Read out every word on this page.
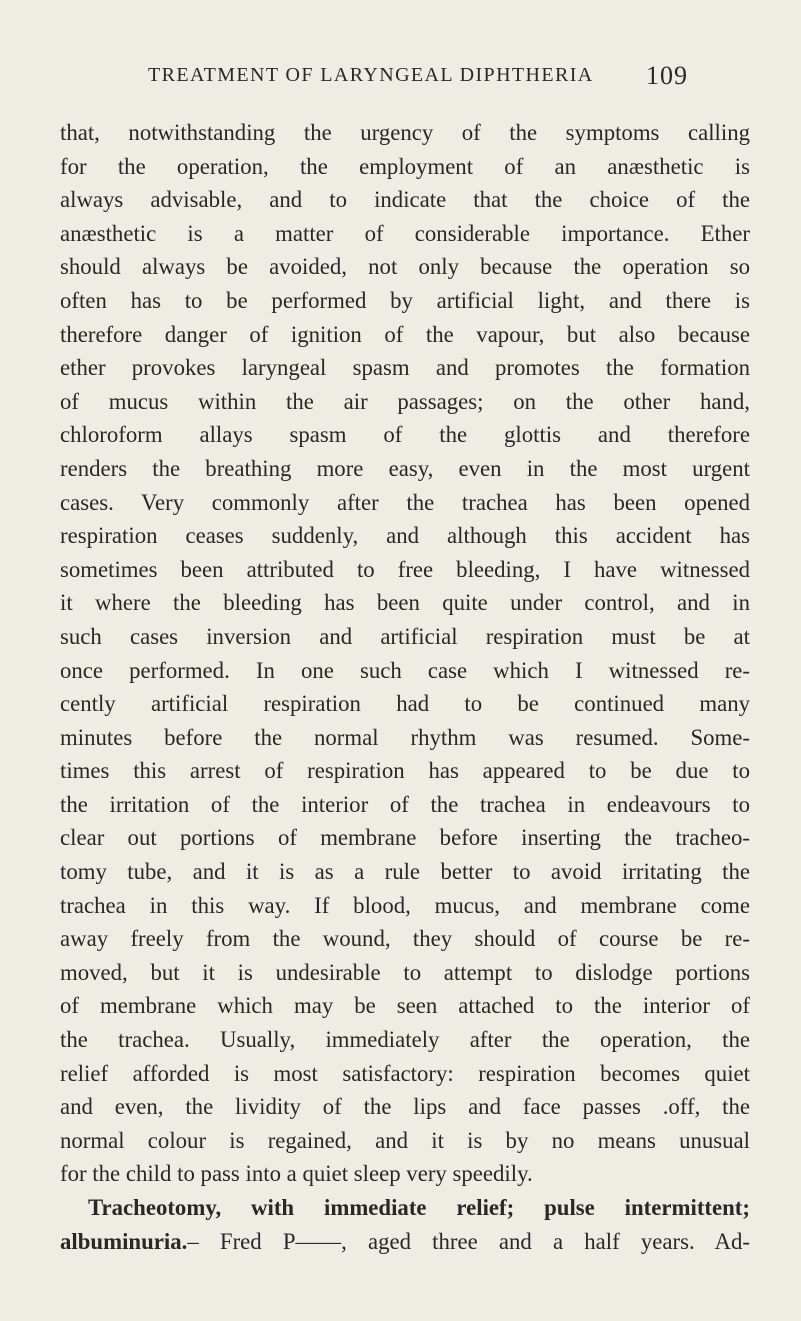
TREATMENT OF LARYNGEAL DIPHTHERIA 109
that, notwithstanding the urgency of the symptoms calling
for the operation, the employment of an anæsthetic is
always advisable, and to indicate that the choice of the
anæsthetic is a matter of considerable importance. Ether
should always be avoided, not only because the operation so
often has to be performed by artificial light, and there is
therefore danger of ignition of the vapour, but also because
ether provokes laryngeal spasm and promotes the formation
of mucus within the air passages; on the other hand,
chloroform allays spasm of the glottis and therefore
renders the breathing more easy, even in the most urgent
cases. Very commonly after the trachea has been opened
respiration ceases suddenly, and although this accident has
sometimes been attributed to free bleeding, I have witnessed
it where the bleeding has been quite under control, and in
such cases inversion and artificial respiration must be at
once performed. In one such case which I witnessed re-
cently artificial respiration had to be continued many
minutes before the normal rhythm was resumed. Some-
times this arrest of respiration has appeared to be due to
the irritation of the interior of the trachea in endeavours to
clear out portions of membrane before inserting the tracheo-
tomy tube, and it is as a rule better to avoid irritating the
trachea in this way. If blood, mucus, and membrane come
away freely from the wound, they should of course be re-
moved, but it is undesirable to attempt to dislodge portions
of membrane which may be seen attached to the interior of
the trachea. Usually, immediately after the operation, the
relief afforded is most satisfactory: respiration becomes quiet
and even, the lividity of the lips and face passes .off, the
normal colour is regained, and it is by no means unusual
for the child to pass into a quiet sleep very speedily.
Tracheotomy, with immediate relief; pulse intermittent;
albuminuria.– Fred P——, aged three and a half years. Ad-
